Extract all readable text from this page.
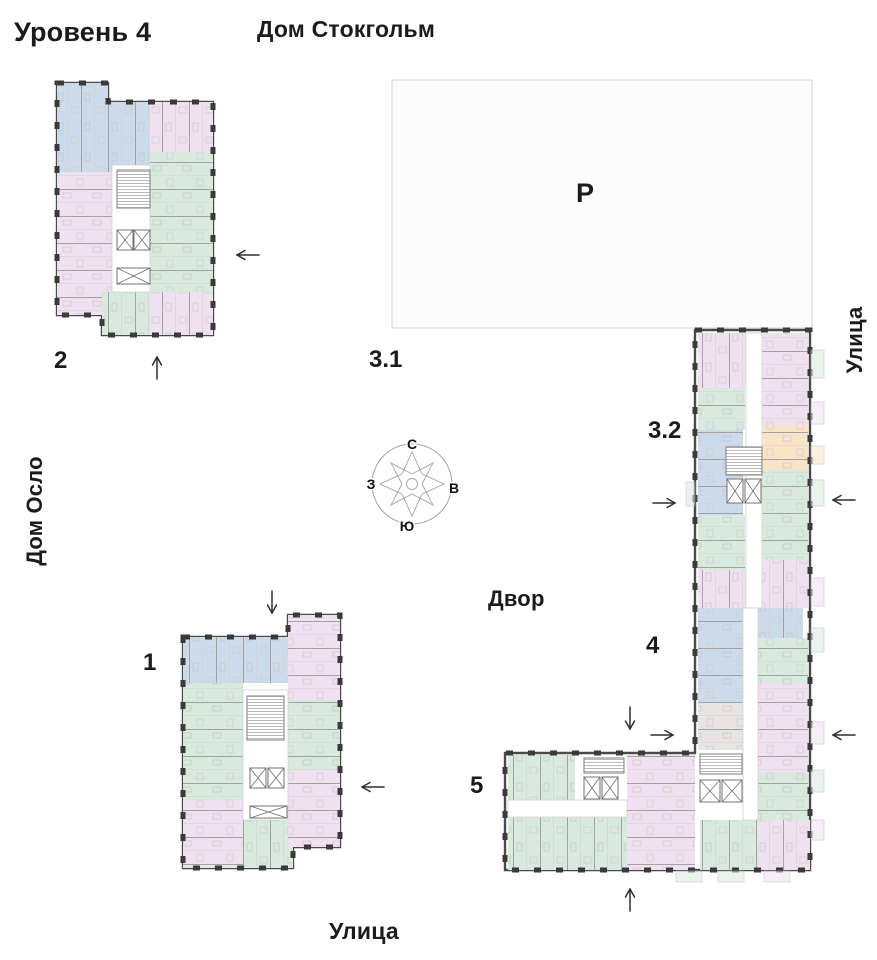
2
1
3.1
3.2
4
5
С
В
Ю
З
Уровень 4	Дом Стокгольм
Дом Осло
Улица
Улица
Двор
Р
